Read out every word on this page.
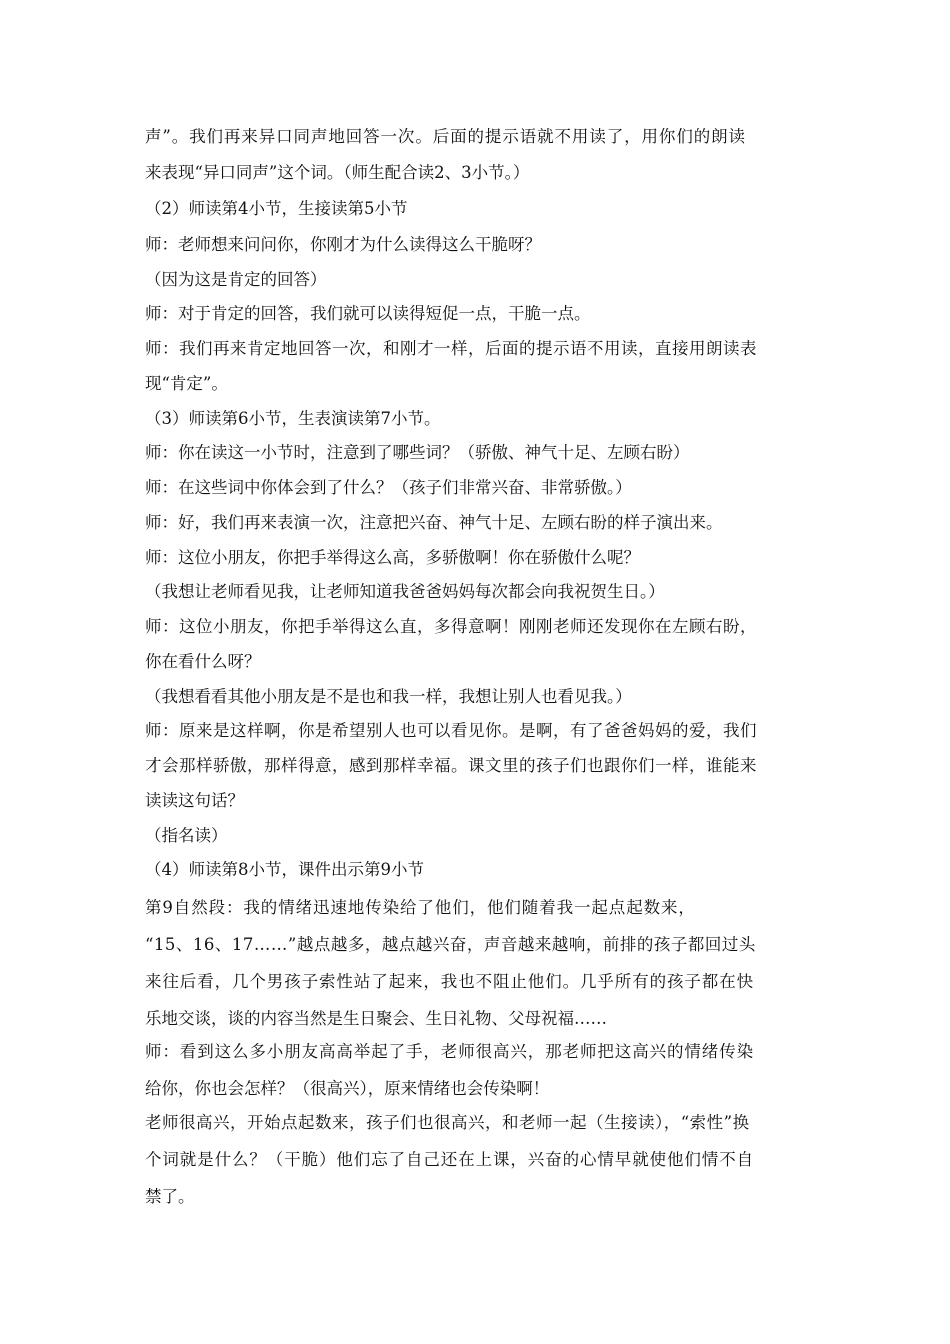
声”。我们再来异口同声地回答一次。后面的提示语就不用读了，用你们的朗读
来表现“异口同声”这个词。（师生配合读2、3小节。）
（2）师读第4小节，生接读第5小节
师：老师想来问问你，你刚才为什么读得这么干脆呀？
（因为这是肯定的回答）
师：对于肯定的回答，我们就可以读得短促一点，干脆一点。
师：我们再来肯定地回答一次，和刚才一样，后面的提示语不用读，直接用朗读表
现“肯定”。
（3）师读第6小节，生表演读第7小节。
师：你在读这一小节时，注意到了哪些词？（骄傲、神气十足、左顾右盼）
师：在这些词中你体会到了什么？（孩子们非常兴奋、非常骄傲。）
师：好，我们再来表演一次，注意把兴奋、神气十足、左顾右盼的样子演出来。
师：这位小朋友，你把手举得这么高，多骄傲啊！你在骄傲什么呢？
（我想让老师看见我，让老师知道我爸爸妈妈每次都会向我祝贺生日。）
师：这位小朋友，你把手举得这么直，多得意啊！刚刚老师还发现你在左顾右盼，
你在看什么呀？
（我想看看其他小朋友是不是也和我一样，我想让别人也看见我。）
师：原来是这样啊，你是希望别人也可以看见你。是啊，有了爸爸妈妈的爱，我们
才会那样骄傲，那样得意，感到那样幸福。课文里的孩子们也跟你们一样，谁能来
读读这句话？
（指名读）
（4）师读第8小节，课件出示第9小节
第9自然段：我的情绪迅速地传染给了他们，他们随着我一起点起数来，
“15、16、17……”越点越多，越点越兴奋，声音越来越响，前排的孩子都回过头
来往后看，几个男孩子索性站了起来，我也不阻止他们。几乎所有的孩子都在快
乐地交谈，谈的内容当然是生日聚会、生日礼物、父母祝福……
师：看到这么多小朋友高高举起了手，老师很高兴，那老师把这高兴的情绪传染
给你，你也会怎样？（很高兴），原来情绪也会传染啊！
老师很高兴，开始点起数来，孩子们也很高兴，和老师一起（生接读），“索性”换
个词就是什么？（干脆）他们忘了自己还在上课，兴奋的心情早就使他们情不自
禁了。
